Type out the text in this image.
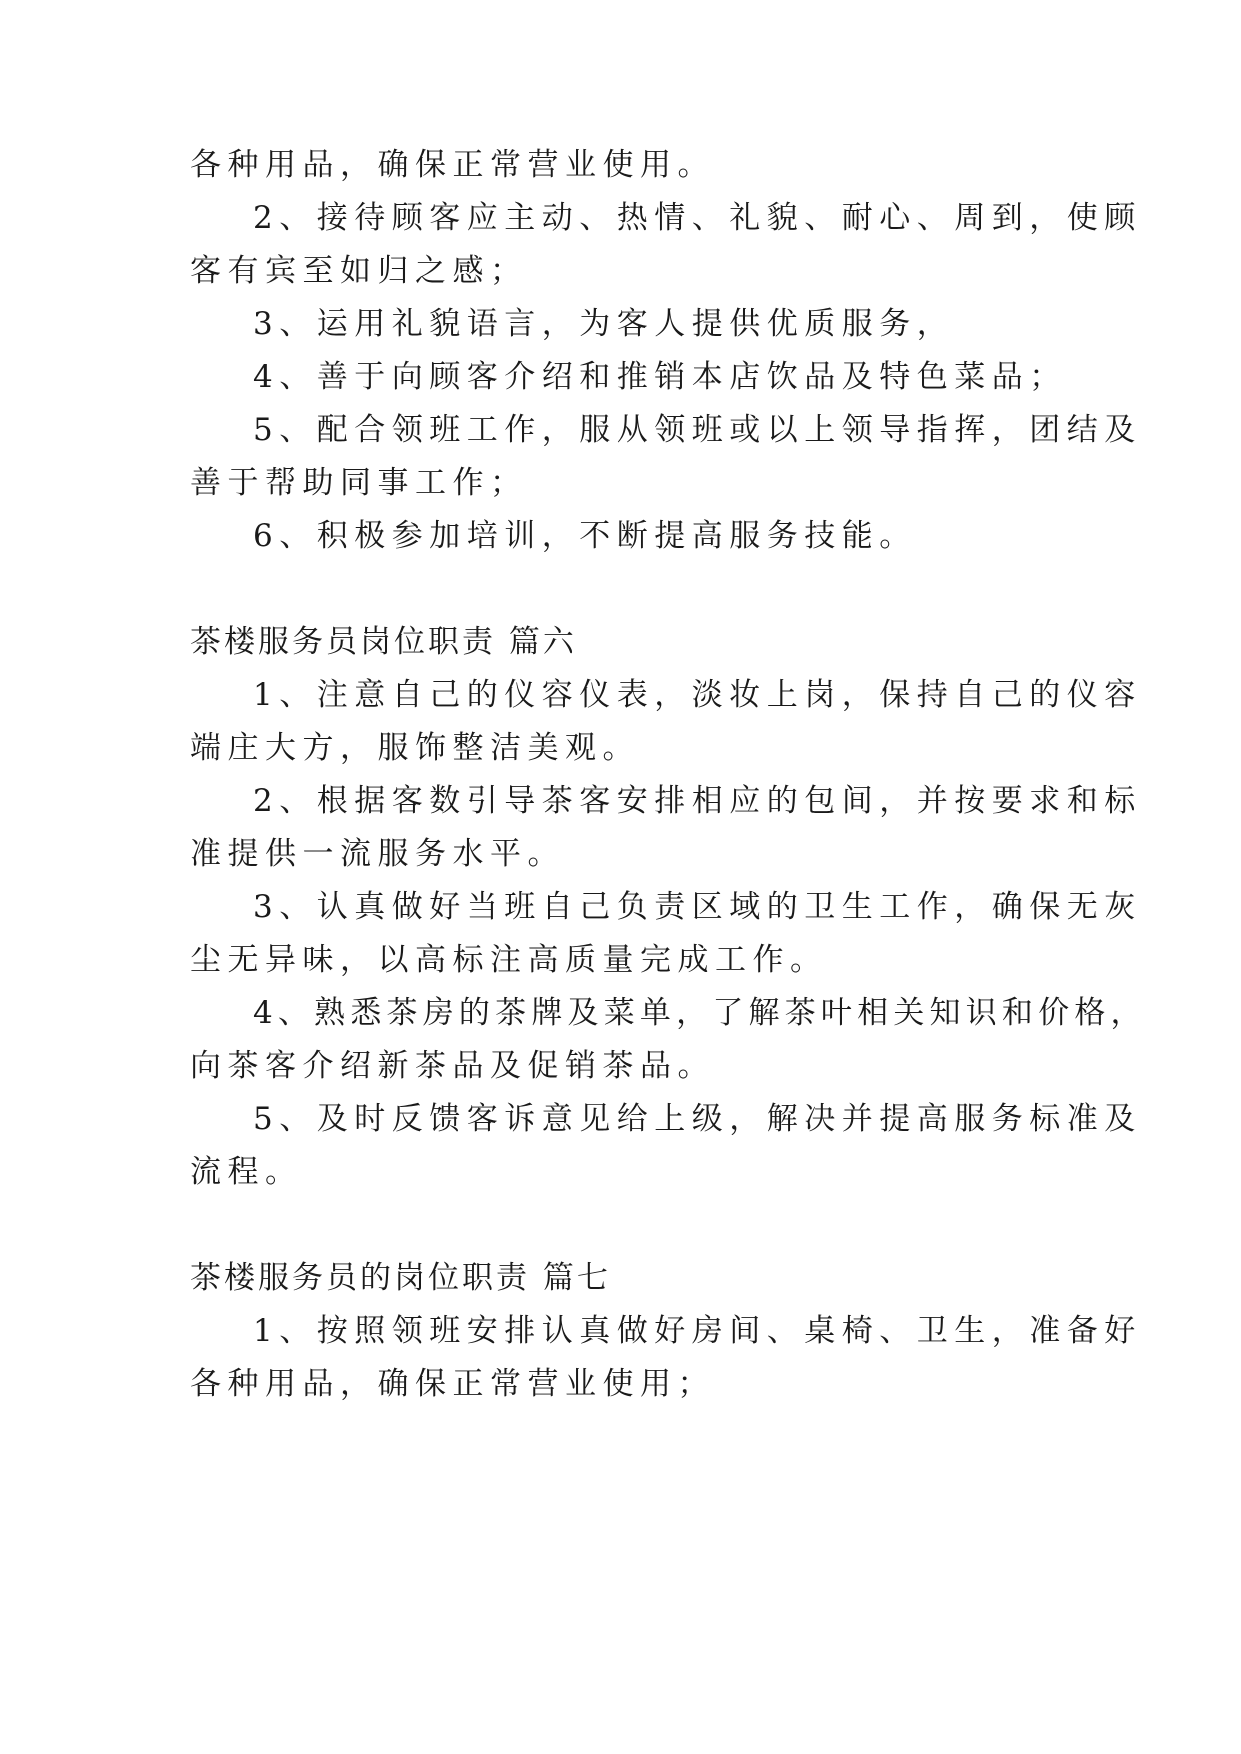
各种用品，确保正常营业使用。
2、接待顾客应主动、热情、礼貌、耐心、周到，使顾
客有宾至如归之感；
3、运用礼貌语言，为客人提供优质服务，
4、善于向顾客介绍和推销本店饮品及特色菜品；
5、配合领班工作，服从领班或以上领导指挥，团结及
善于帮助同事工作；
6、积极参加培训，不断提高服务技能。
茶楼服务员岗位职责 篇六
1、注意自己的仪容仪表，淡妆上岗，保持自己的仪容
端庄大方，服饰整洁美观。
2、根据客数引导茶客安排相应的包间，并按要求和标
准提供一流服务水平。
3、认真做好当班自己负责区域的卫生工作，确保无灰
尘无异味，以高标注高质量完成工作。
4、熟悉茶房的茶牌及菜单，了解茶叶相关知识和价格，
向茶客介绍新茶品及促销茶品。
5、及时反馈客诉意见给上级，解决并提高服务标准及
流程。
茶楼服务员的岗位职责 篇七
1、按照领班安排认真做好房间、桌椅、卫生，准备好
各种用品，确保正常营业使用；
